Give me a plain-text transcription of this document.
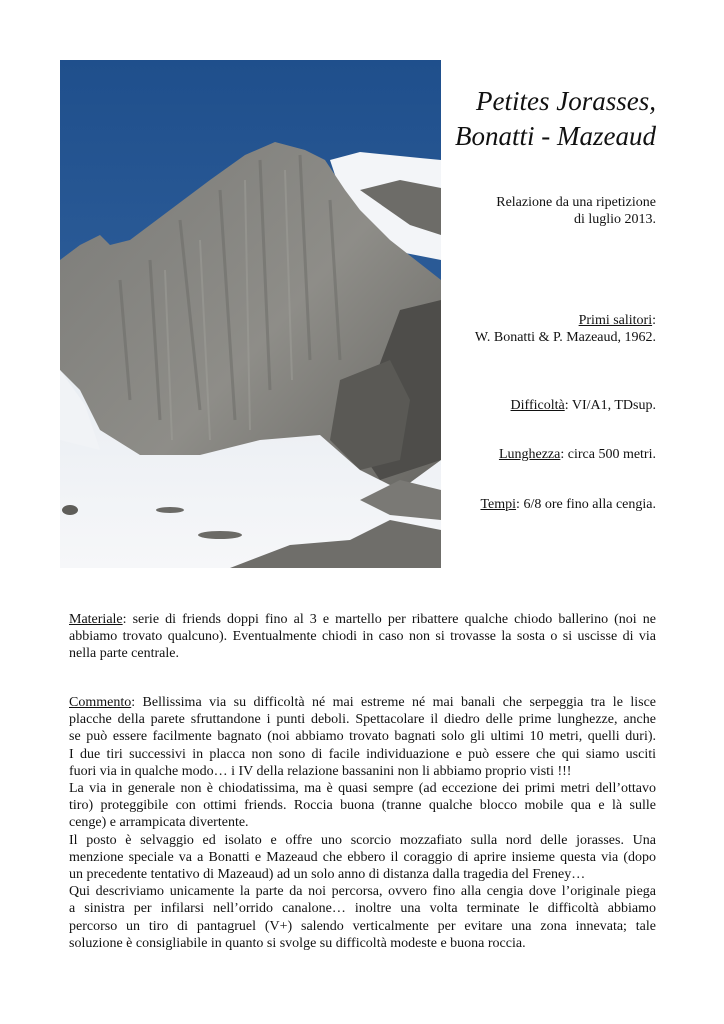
Petites Jorasses,
Bonatti - Mazeaud
Relazione da una ripetizione
di luglio 2013.
Primi salitori:
W. Bonatti & P. Mazeaud, 1962.
Difficoltà: VI/A1, TDsup.
Lunghezza: circa 500 metri.
Tempi: 6/8 ore fino alla cengia.

Materiale: serie di friends doppi fino al 3 e martello per ribattere qualche chiodo ballerino (noi ne
abbiamo trovato qualcuno). Eventualmente chiodi in caso non si trovasse la sosta o si uscisse di via
nella parte centrale.

Commento: Bellissima via su difficoltà né mai estreme né mai banali che serpeggia tra le lisce
placche della parete sfruttandone i punti deboli. Spettacolare il diedro delle prime lunghezze, anche
se può essere facilmente bagnato (noi abbiamo trovato bagnati solo gli ultimi 10 metri, quelli duri).
I due tiri successivi in placca non sono di facile individuazione e può essere che qui siamo usciti
fuori via in qualche modo… i IV della relazione bassanini non li abbiamo proprio visti !!!
La via in generale non è chiodatissima, ma è quasi sempre (ad eccezione dei primi metri dell’ottavo
tiro) proteggibile con ottimi friends. Roccia buona (tranne qualche blocco mobile qua e là sulle
cenge) e arrampicata divertente.
Il posto è selvaggio ed isolato e offre uno scorcio mozzafiato sulla nord delle jorasses. Una
menzione speciale va a Bonatti e Mazeaud che ebbero il coraggio di aprire insieme questa via (dopo
un precedente tentativo di Mazeaud) ad un solo anno di distanza dalla tragedia del Freney…
Qui descriviamo unicamente la parte da noi percorsa, ovvero fino alla cengia dove l’originale piega
a sinistra per infilarsi nell’orrido canalone… inoltre una volta terminate le difficoltà abbiamo
percorso un tiro di pantagruel (V+) salendo verticalmente per evitare una zona innevata; tale
soluzione è consigliabile in quanto si svolge su difficoltà modeste e buona roccia.
